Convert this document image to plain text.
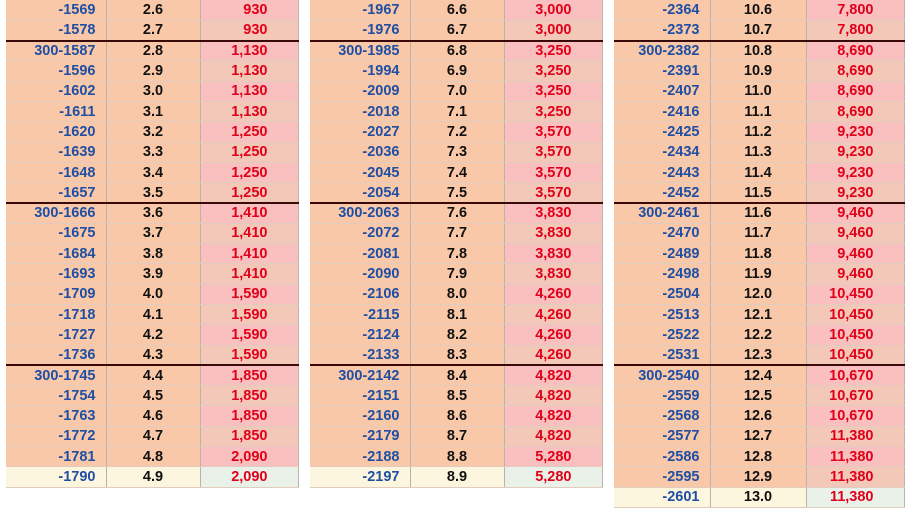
-1569	2.6	930
-1578	2.7	930
300-1587	2.8	1,130
-1596	2.9	1,130
-1602	3.0	1,130
-1611	3.1	1,130
-1620	3.2	1,250
-1639	3.3	1,250
-1648	3.4	1,250
-1657	3.5	1,250
300-1666	3.6	1,410
-1675	3.7	1,410
-1684	3.8	1,410
-1693	3.9	1,410
-1709	4.0	1,590
-1718	4.1	1,590
-1727	4.2	1,590
-1736	4.3	1,590
300-1745	4.4	1,850
-1754	4.5	1,850
-1763	4.6	1,850
-1772	4.7	1,850
-1781	4.8	2,090
-1790	4.9	2,090
-1967	6.6	3,000
-1976	6.7	3,000
300-1985	6.8	3,250
-1994	6.9	3,250
-2009	7.0	3,250
-2018	7.1	3,250
-2027	7.2	3,570
-2036	7.3	3,570
-2045	7.4	3,570
-2054	7.5	3,570
300-2063	7.6	3,830
-2072	7.7	3,830
-2081	7.8	3,830
-2090	7.9	3,830
-2106	8.0	4,260
-2115	8.1	4,260
-2124	8.2	4,260
-2133	8.3	4,260
300-2142	8.4	4,820
-2151	8.5	4,820
-2160	8.6	4,820
-2179	8.7	4,820
-2188	8.8	5,280
-2197	8.9	5,280
-2364	10.6	7,800
-2373	10.7	7,800
300-2382	10.8	8,690
-2391	10.9	8,690
-2407	11.0	8,690
-2416	11.1	8,690
-2425	11.2	9,230
-2434	11.3	9,230
-2443	11.4	9,230
-2452	11.5	9,230
300-2461	11.6	9,460
-2470	11.7	9,460
-2489	11.8	9,460
-2498	11.9	9,460
-2504	12.0	10,450
-2513	12.1	10,450
-2522	12.2	10,450
-2531	12.3	10,450
300-2540	12.4	10,670
-2559	12.5	10,670
-2568	12.6	10,670
-2577	12.7	11,380
-2586	12.8	11,380
-2595	12.9	11,380
-2601	13.0	11,380
